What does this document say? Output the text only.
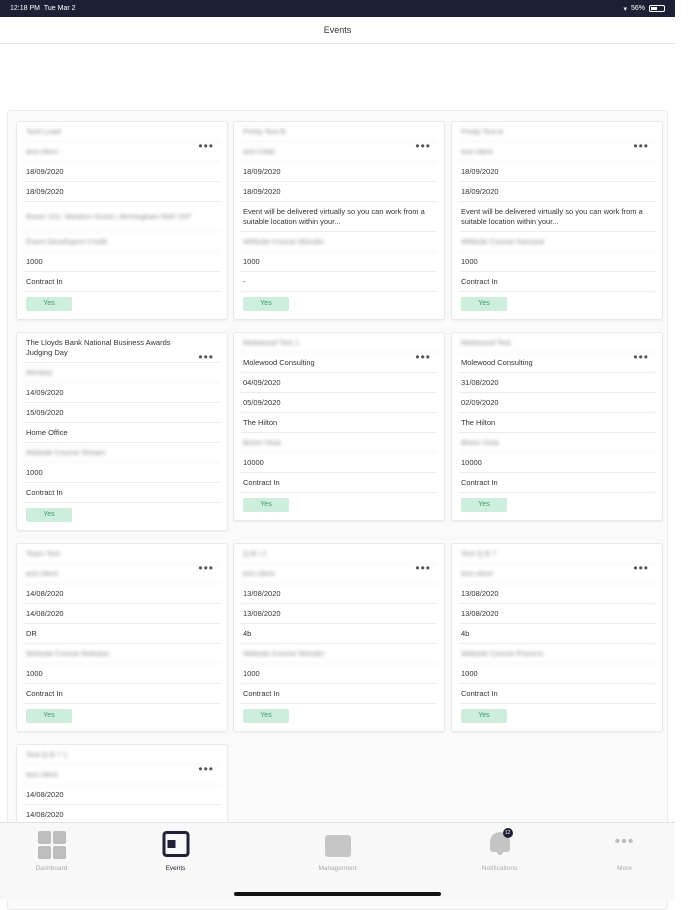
12:18 PM Tue Mar 2	▾ 56%
Events
Tech Lead
•••
test client
18/09/2020
18/09/2020
Room 101, Western Green, Birmingham B40 1NT
Event Developers Credit
1000
Contract In
Yes
Pretty Test B
•••
test Child
18/09/2020
18/09/2020
Event will be delivered virtually so you can work from a suitable location within your...
Website Course Wonder
1000
-
Yes
Pretty Test A
•••
test client
18/09/2020
18/09/2020
Event will be delivered virtually so you can work from a suitable location within your...
Website Course Genuine
1000
Contract In
Yes
The Lloyds Bank National Business Awards Judging Day	•••
Wimkey
14/09/2020
15/09/2020
Home Office
Website Course Stream
1000
Contract In
Yes
Molewood Test 1
•••
Molewood Consulting
04/09/2020
05/09/2020
The Hilton
Bistro Vista
10000
Contract In
Yes
Molewood Test
•••
Molewood Consulting
31/08/2020
02/09/2020
The Hilton
Bistro Vista
10000
Contract In
Yes
Team Test
•••
test client
14/08/2020
14/08/2020
DR
Website Course Release
1000
Contract In
Yes
Q B I 2
•••
test client
13/08/2020
13/08/2020
4b
Website Course Wonder
1000
Contract In
Yes
Test Q B 7
•••
test client
13/08/2020
13/08/2020
4b
Website Course Process
1000
Contract In
Yes
Test Q B 7 1
•••
test client
14/08/2020
14/08/2020
Dashboard	Events	Management
12
Notifications
•••
More
